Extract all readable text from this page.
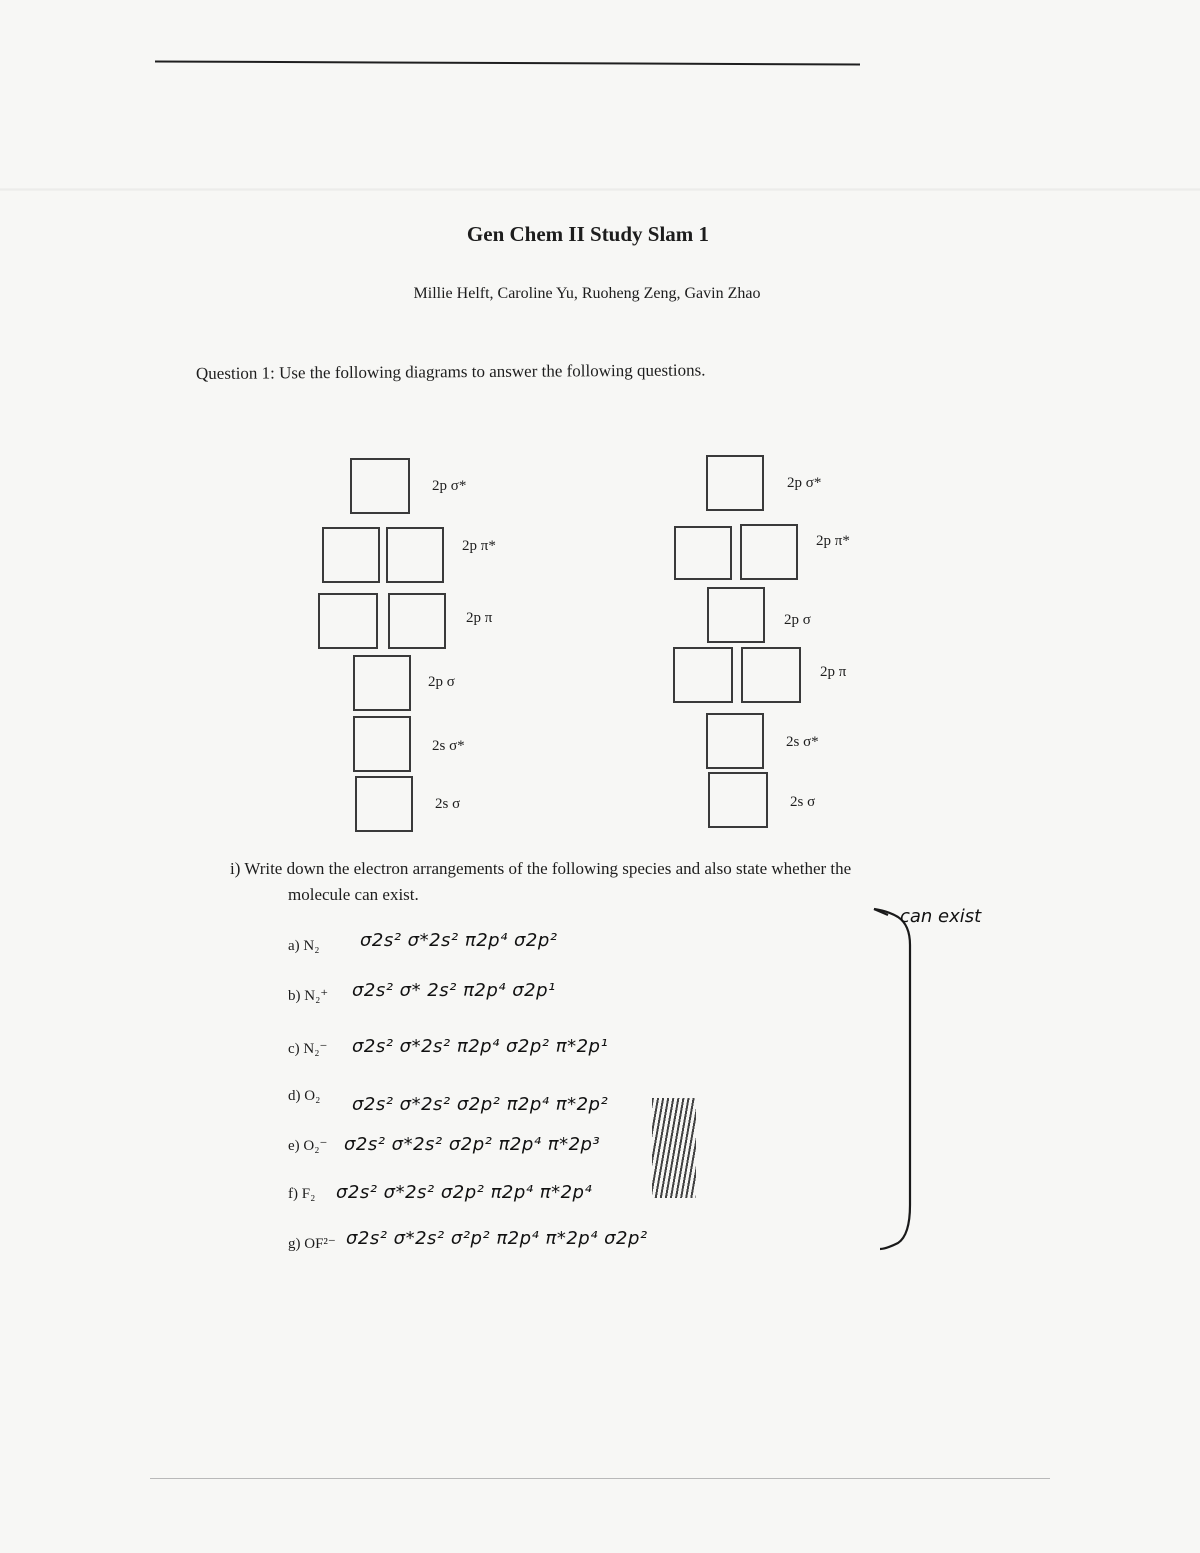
Gen Chem II Study Slam 1
Millie Helft, Caroline Yu, Ruoheng Zeng, Gavin Zhao
Question 1: Use the following diagrams to answer the following questions.
2p σ*
2p π*
2p π
2p σ
2s σ*
2s σ
2p σ*
2p π*
2p σ
2p π
2s σ*
2s σ
i) Write down the electron arrangements of the following species and also state whether the
molecule can exist.
a) N₂ σ2s² σ*2s² π2p⁴ σ2p²
b) N₂⁺ σ2s² σ* 2s² π2p⁴ σ2p¹
c) N₂⁻ σ2s² σ*2s² π2p⁴ σ2p² π*2p¹
d) O₂ σ2s² σ*2s² σ2p² π2p⁴ π*2p²
e) O₂⁻ σ2s² σ*2s² σ2p² π2p⁴ π*2p³
f) F₂ σ2s² σ*2s² σ2p² π2p⁴ π*2p⁴
g) OF²⁻ σ2s² σ*2s² σ²p² π2p⁴ π*2p⁴ σ2p²
can exist
